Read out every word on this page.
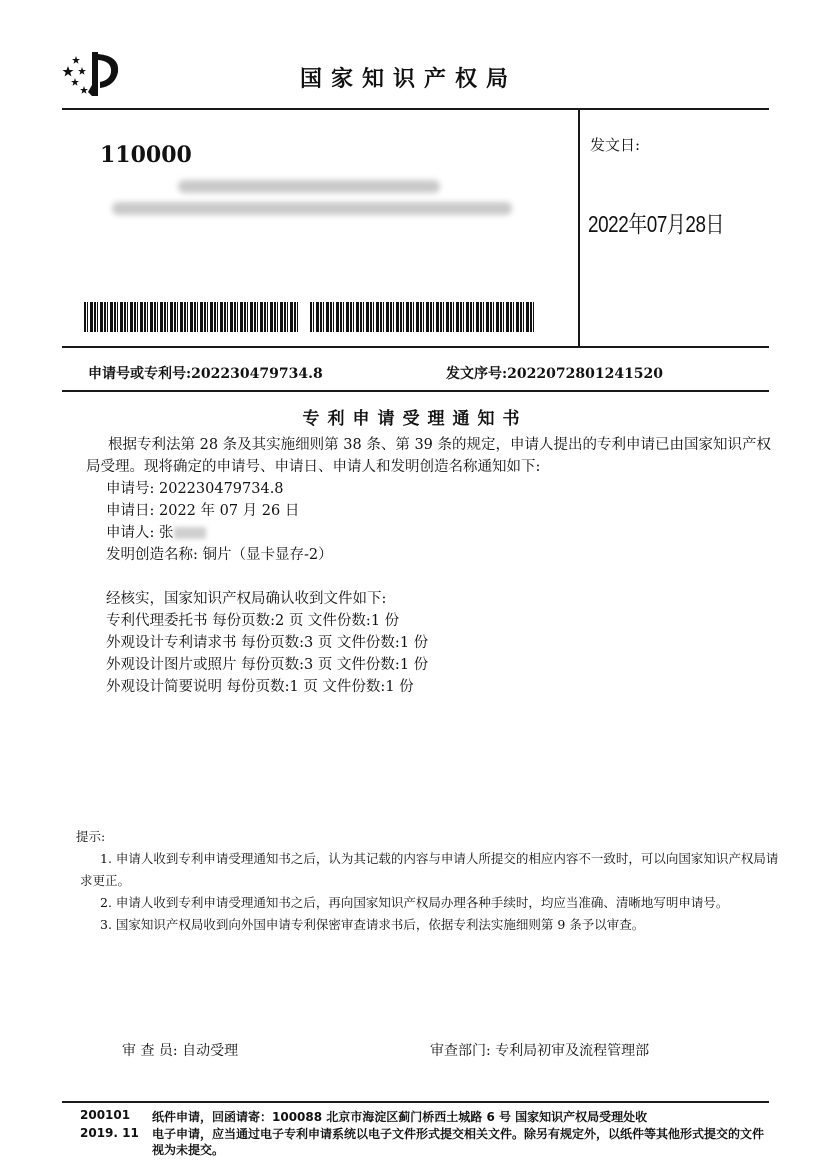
国家知识产权局
110000	发文日:
2022年07月28日
申请号或专利号:202230479734.8	发文序号:2022072801241520
专利申请受理通知书
根据专利法第 28 条及其实施细则第 38 条、第 39 条的规定，申请人提出的专利申请已由国家知识产权局受理。现将确定的申请号、申请日、申请人和发明创造名称通知如下:
申请号: 202230479734.8
申请日: 2022 年 07 月 26 日
申请人: 张
发明创造名称: 铜片（显卡显存-2）
经核实，国家知识产权局确认收到文件如下:
专利代理委托书 每份页数:2 页 文件份数:1 份
外观设计专利请求书 每份页数:3 页 文件份数:1 份
外观设计图片或照片 每份页数:3 页 文件份数:1 份
外观设计简要说明 每份页数:1 页 文件份数:1 份
提示:
1. 申请人收到专利申请受理通知书之后，认为其记载的内容与申请人所提交的相应内容不一致时，可以向国家知识产权局请求更正。
2. 申请人收到专利申请受理通知书之后，再向国家知识产权局办理各种手续时，均应当准确、清晰地写明申请号。
3. 国家知识产权局收到向外国申请专利保密审查请求书后，依据专利法实施细则第 9 条予以审查。
审 查 员: 自动受理	审查部门: 专利局初审及流程管理部
200101
2019. 11
纸件申请，回函请寄：100088 北京市海淀区蓟门桥西土城路 6 号 国家知识产权局受理处收
电子申请，应当通过电子专利申请系统以电子文件形式提交相关文件。除另有规定外，以纸件等其他形式提交的文件视为未提交。
